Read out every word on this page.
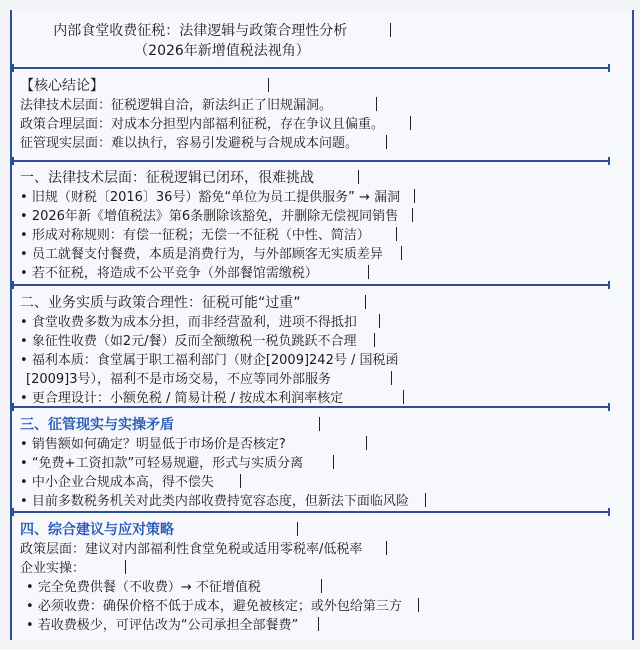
内部食堂收费征税：法律逻辑与政策合理性分析
（2026年新增值税法视角）
【核心结论】
法律技术层面：征税逻辑自洽，新法纠正了旧规漏洞。
政策合理层面：对成本分担型内部福利征税，存在争议且偏重。
征管现实层面：难以执行，容易引发避税与合规成本问题。
一、法律技术层面：征税逻辑已闭环，很难挑战
• 旧规（财税〔2016〕36号）豁免“单位为员工提供服务” → 漏洞
• 2026年新《增值税法》第6条删除该豁免，并删除无偿视同销售
• 形成对称规则：有偿一征税；无偿一不征税（中性、简洁）
• 员工就餐支付餐费，本质是消费行为，与外部顾客无实质差异
• 若不征税，将造成不公平竞争（外部餐馆需缴税）
二、业务实质与政策合理性：征税可能“过重”
• 食堂收费多数为成本分担，而非经营盈利，进项不得抵扣
• 象征性收费（如2元/餐）反而全额缴税一税负跳跃不合理
• 福利本质：食堂属于职工福利部门（财企[2009]242号 / 国税函
[2009]3号），福利不是市场交易，不应等同外部服务
• 更合理设计：小额免税 / 简易计税 / 按成本利润率核定
三、征管现实与实操矛盾
• 销售额如何确定？明显低于市场价是否核定?
• “免费+工资扣款”可轻易规避，形式与实质分离
• 中小企业合规成本高，得不偿失
• 目前多数税务机关对此类内部收费持宽容态度，但新法下面临风险
四、综合建议与应对策略
政策层面：建议对内部福利性食堂免税或适用零税率/低税率
企业实操：
• 完全免费供餐（不收费）→ 不征增值税
• 必须收费：确保价格不低于成本，避免被核定；或外包给第三方
• 若收费极少，可评估改为“公司承担全部餐费”
